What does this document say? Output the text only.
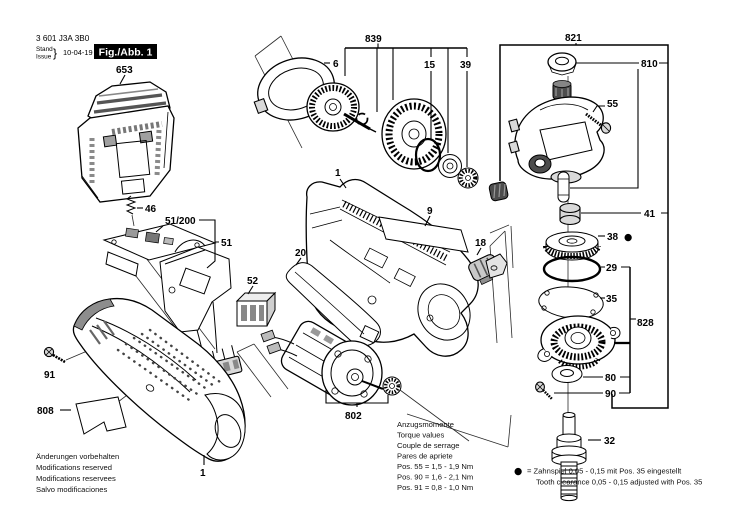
3 601 J3A 3B0
Stand
Issue } 10-04-19 Fig./Abb. 1
653
46
51/200
51
52
91
808
1
1
9
20
18
802
6
839
15 39
821
810
55
41
38 ●
29
35
828
80
90
32
Änderungen vorbehalten
Modifications reserved
Modifications reservees
Salvo modificaciones
Anzugsmomente
Torque values
Couple de serrage
Pares de apriete
Pos. 55 = 1,5 - 1,9 Nm
Pos. 90 = 1,6 - 2,1 Nm
Pos. 91 = 0,8 - 1,0 Nm
● = Zahnspiel 0,05 - 0,15 mit Pos. 35 eingestellt
Tooth clearance 0,05 - 0,15 adjusted with Pos. 35
